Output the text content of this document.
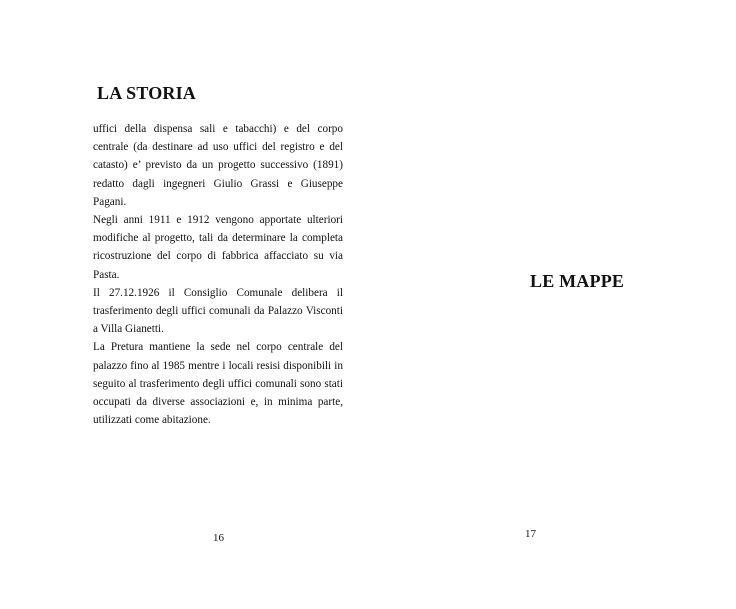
LA STORIA

uffici della dispensa sali e tabacchi) e del corpo centrale (da destinare ad uso uffici del registro e del catasto) e’ previsto da un progetto successivo (1891) redatto dagli ingegneri Giulio Grassi e Giuseppe Pagani.

Negli anni 1911 e 1912 vengono apportate ulteriori modifiche al progetto, tali da determinare la completa ricostruzione del corpo di fabbrica affacciato su via Pasta.

Il 27.12.1926 il Consiglio Comunale delibera il trasferimento degli uffici comunali da Palazzo Visconti a Villa Gianetti.

La Pretura mantiene la sede nel corpo centrale del palazzo fino al 1985 mentre i locali resisi disponibili in seguito al trasferimento degli uffici comunali sono stati occupati da diverse associazioni e, in minima parte, utilizzati come abitazione.

16
LE MAPPE
17
